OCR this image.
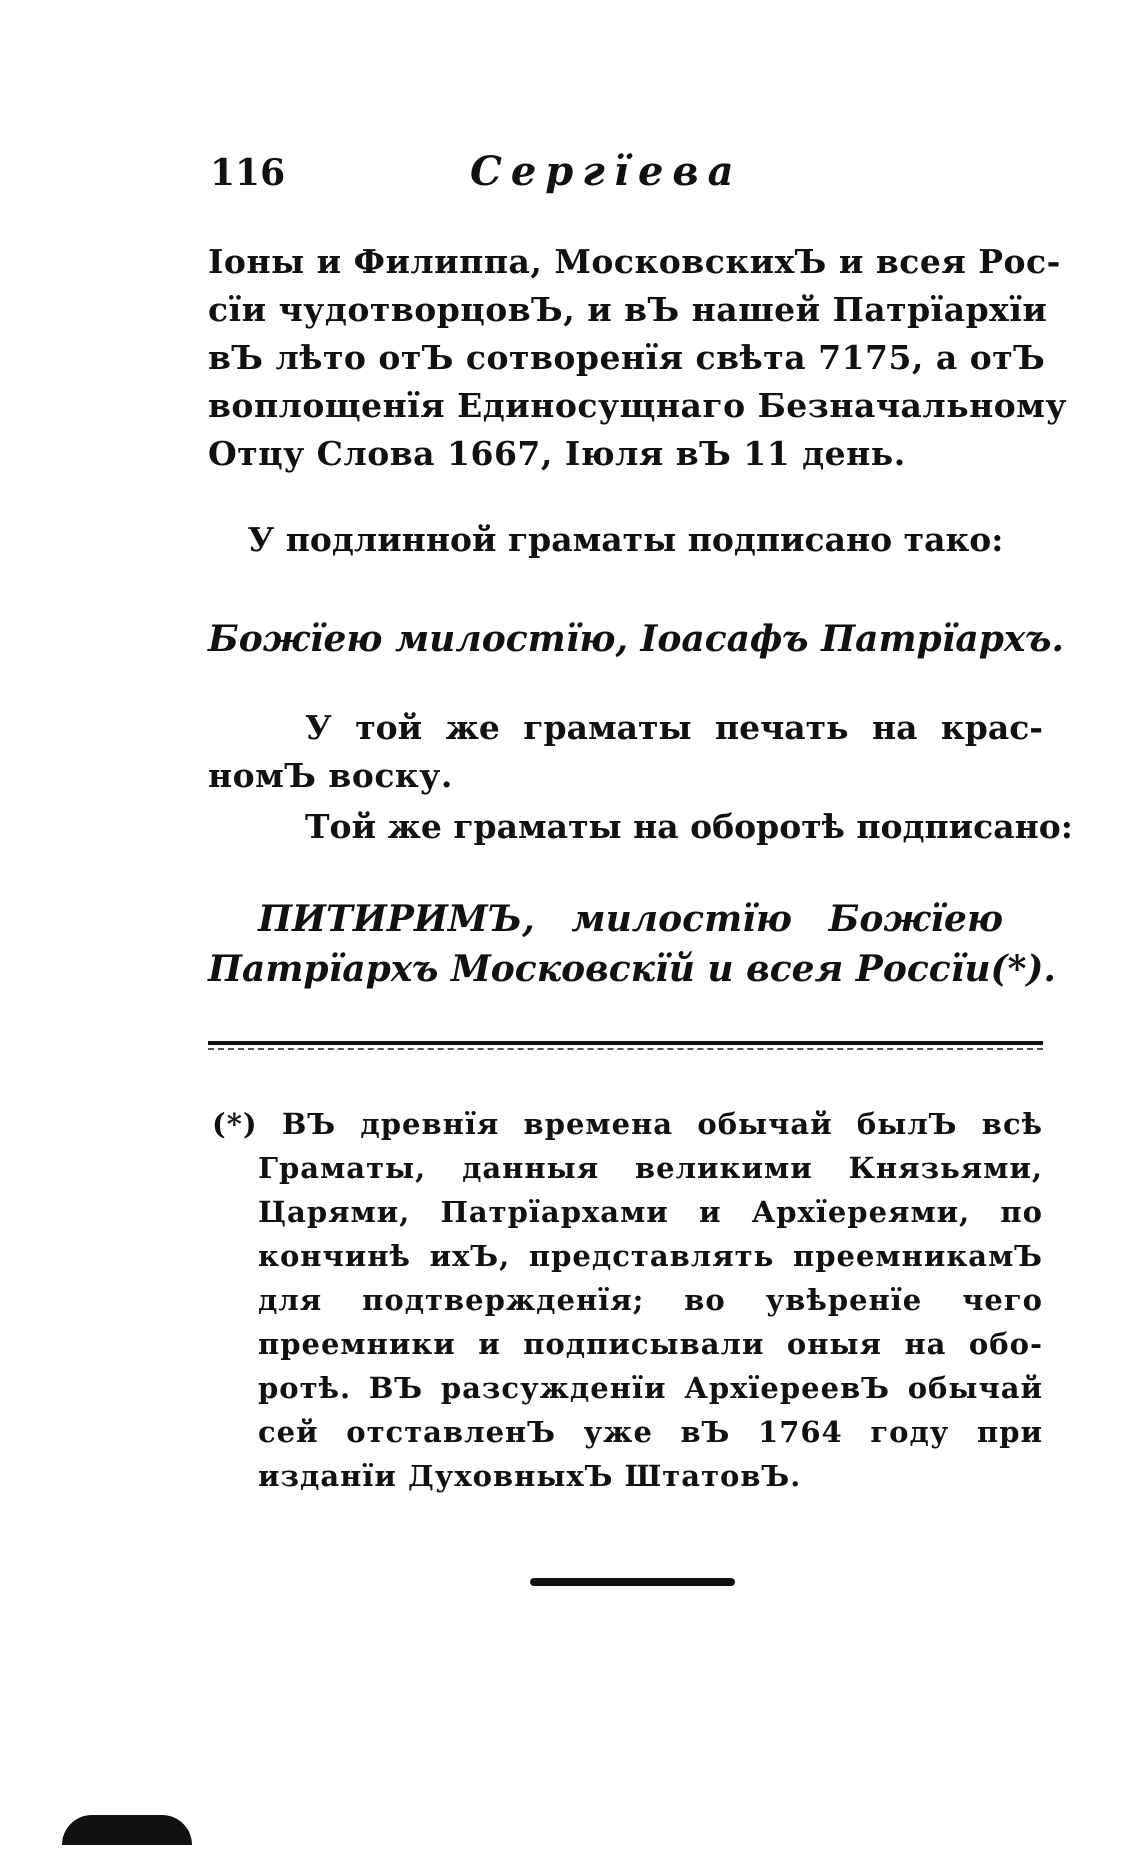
116	Сергїева
Іоны и Филиппа, МосковскихЪ и всея Рос-
сїи чудотворцовЪ, и вЪ нашей Патрїархїи
вЪ лѣто отЪ сотворенїя свѣта 7175, а отЪ
воплощенїя Единосущнаго Безначальному
Отцу Слова 1667, Іюля вЪ 11 день.
У подлинной граматы подписано тако:
Божїею милостїю, Іоасафъ Патрїархъ.
У той же граматы печать на крас-
номЪ воску.
Той же граматы на оборотѣ подписано:
ПИТИРИМЪ, милостїю Божїею
Патрїархъ Московскїй и всея Россїи(*).
(*) ВЪ древнїя времена обычай былЪ всѣ
Граматы, данныя великими Князьями,
Царями, Патрїархами и Архїереями, по
кончинѣ ихЪ, представлять преемникамЪ
для подтвержденїя; во увѣренїе чего
преемники и подписывали оныя на обо-
ротѣ. ВЪ разсужденїи АрхїереевЪ обычай
сей отставленЪ уже вЪ 1764 году при
изданїи ДуховныхЪ ШтатовЪ.
